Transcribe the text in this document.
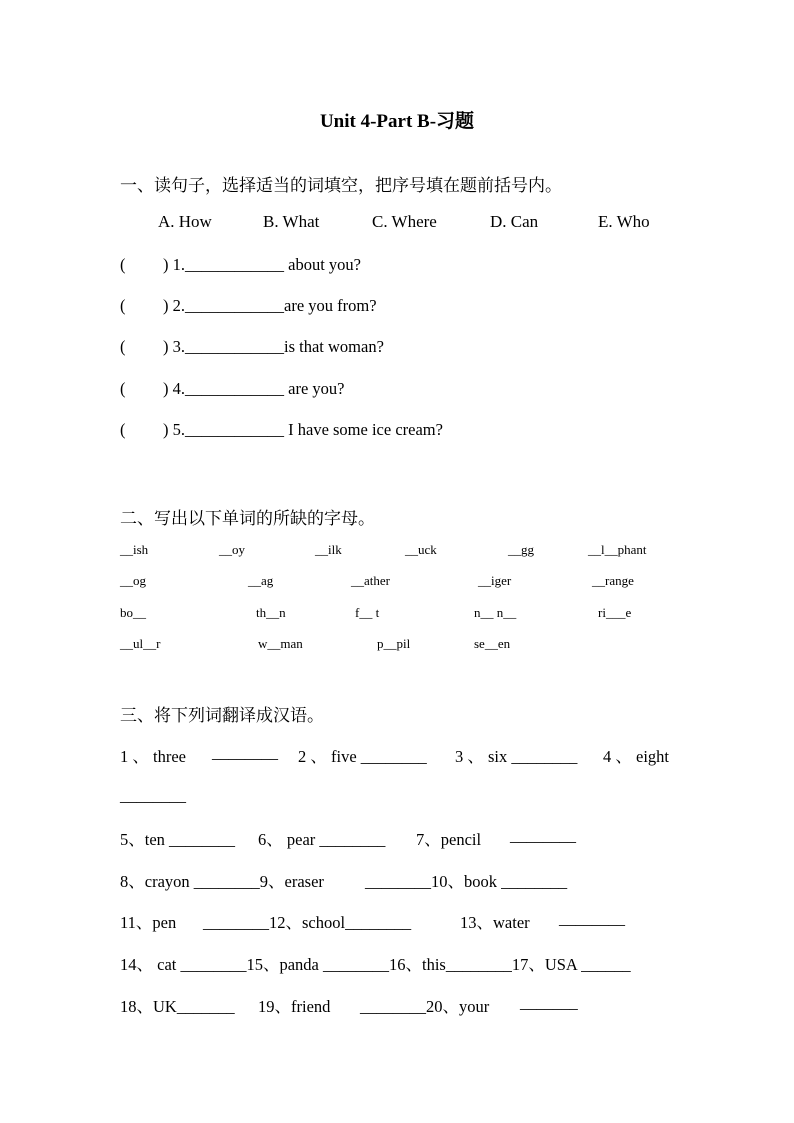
Unit 4-Part B-习题
一、读句子，选择适当的词填空，把序号填在题前括号内。
A. How	B. What	C. Where	D. Can	E. Who
( ) 1.____________ about you?
( ) 2.____________are you from?
( ) 3.____________is that woman?
( ) 4.____________ are you?
( ) 5.____________ I have some ice cream?
二、写出以下单词的所缺的字母。
__ish	__oy	__ilk	__uck	__gg	__l__phant
__og	__ag	__ather	__iger	__range
bo__	th__n	f__ t	n__ n__	ri___e
__ul__r	w__man	p__pil	se__en
三、将下列词翻译成汉语。
1 、 three ________ 2 、 five ________ 3 、 six ________ 4 、 eight
________
5、ten ________ 6、 pear ________ 7、pencil ________
8、crayon ________9、eraser ________10、book ________
11、pen ________12、school________	13、water ________
14、 cat ________15、panda ________16、this________17、USA ______
18、UK_______ 19、friend ________20、your _______
